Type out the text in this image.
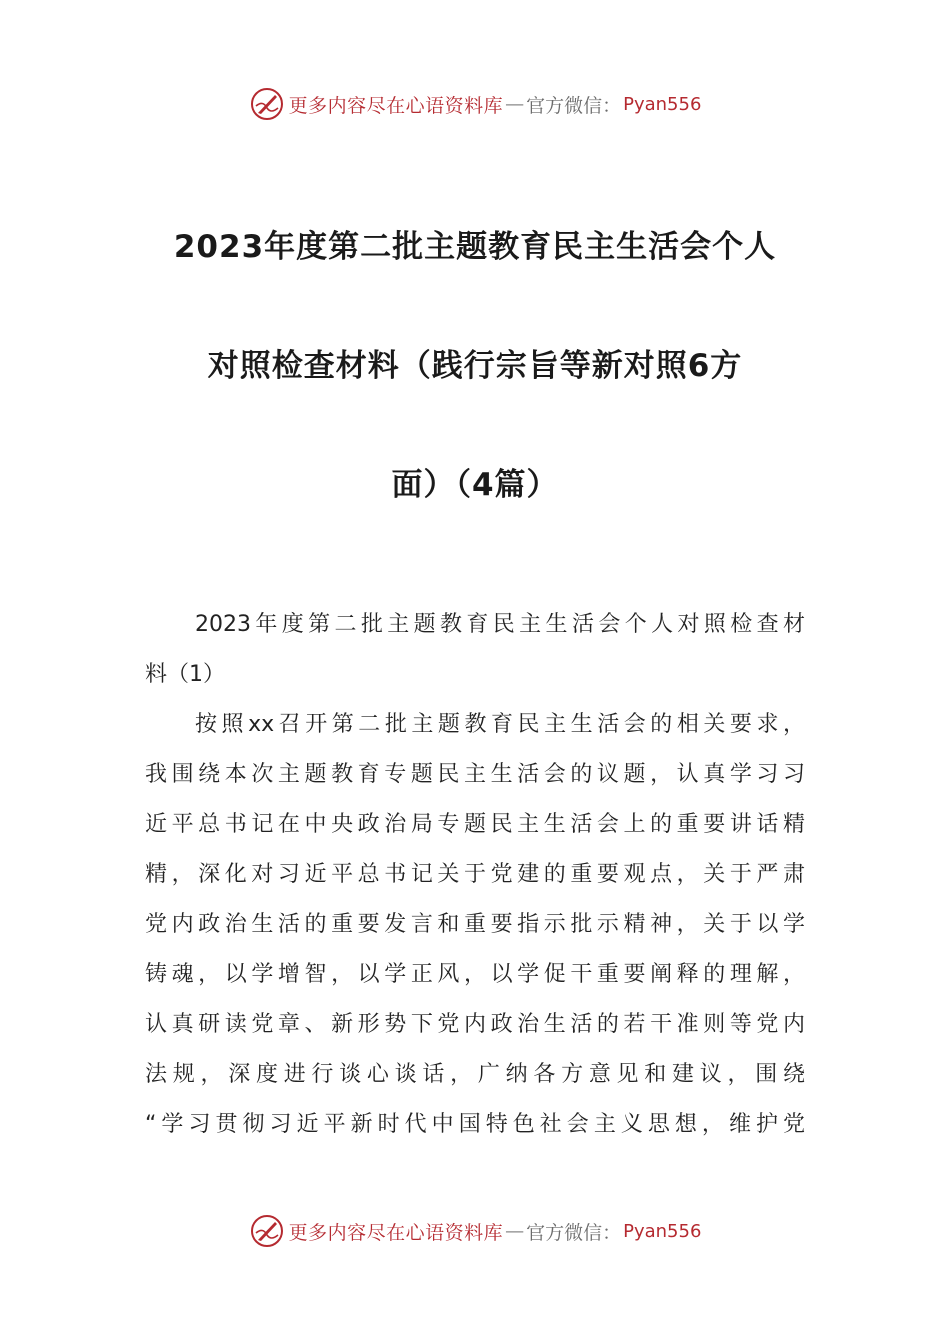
更多内容尽在心语资料库 — 官方微信： Pyan556
2023年度第二批主题教育民主生活会个人
对照检查材料（践行宗旨等新对照6方
面）（4篇）
2023年度第二批主题教育民主生活会个人对照检查材
料（1）
按照xx召开第二批主题教育民主生活会的相关要求，
我围绕本次主题教育专题民主生活会的议题，认真学习习
近平总书记在中央政治局专题民主生活会上的重要讲话精
精，深化对习近平总书记关于党建的重要观点，关于严肃
党内政治生活的重要发言和重要指示批示精神，关于以学
铸魂，以学增智，以学正风，以学促干重要阐释的理解，
认真研读党章、新形势下党内政治生活的若干准则等党内
法规，深度进行谈心谈话，广纳各方意见和建议，围绕
“学习贯彻习近平新时代中国特色社会主义思想，维护党
更多内容尽在心语资料库 — 官方微信： Pyan556
